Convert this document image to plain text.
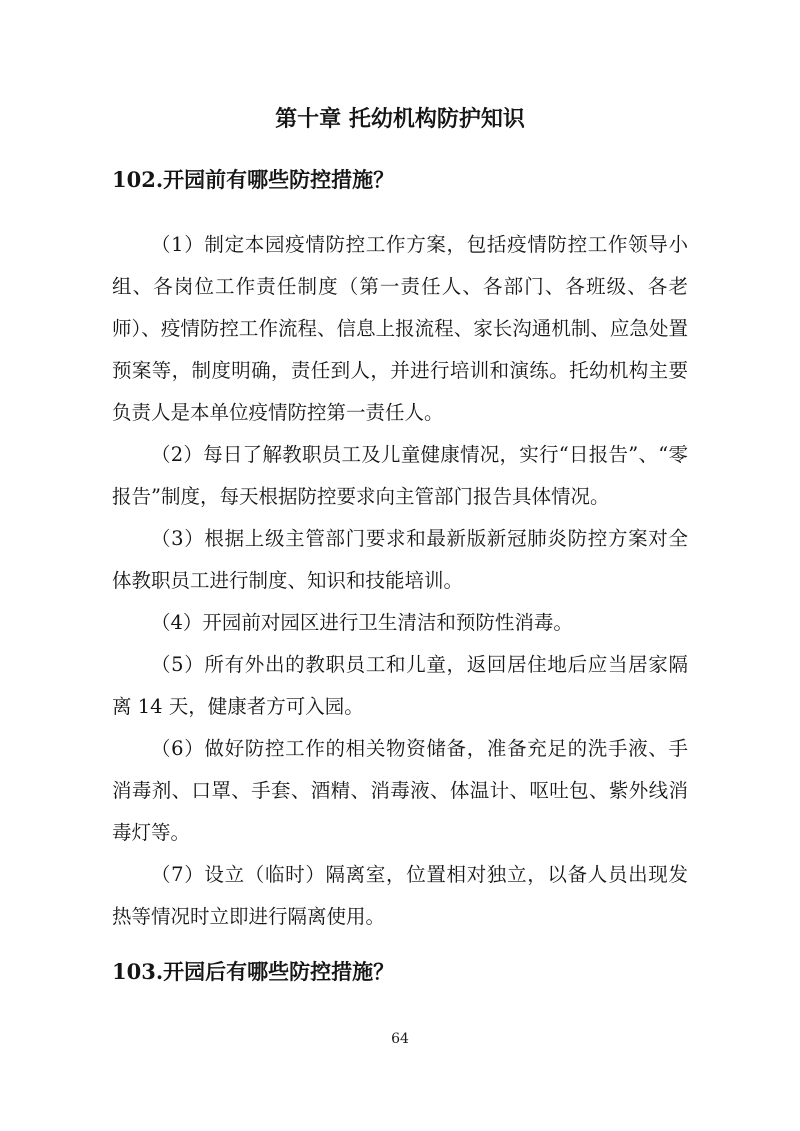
第十章 托幼机构防护知识
102.开园前有哪些防控措施？

（1）制定本园疫情防控工作方案，包括疫情防控工作领导小组、各岗位工作责任制度（第一责任人、各部门、各班级、各老师）、疫情防控工作流程、信息上报流程、家长沟通机制、应急处置预案等，制度明确，责任到人，并进行培训和演练。托幼机构主要负责人是本单位疫情防控第一责任人。

（2）每日了解教职员工及儿童健康情况，实行“日报告”、“零报告”制度，每天根据防控要求向主管部门报告具体情况。

（3）根据上级主管部门要求和最新版新冠肺炎防控方案对全体教职员工进行制度、知识和技能培训。

（4）开园前对园区进行卫生清洁和预防性消毒。

（5）所有外出的教职员工和儿童，返回居住地后应当居家隔离 14 天，健康者方可入园。

（6）做好防控工作的相关物资储备，准备充足的洗手液、手消毒剂、口罩、手套、酒精、消毒液、体温计、呕吐包、紫外线消毒灯等。

（7）设立（临时）隔离室，位置相对独立，以备人员出现发热等情况时立即进行隔离使用。

103.开园后有哪些防控措施？
64
